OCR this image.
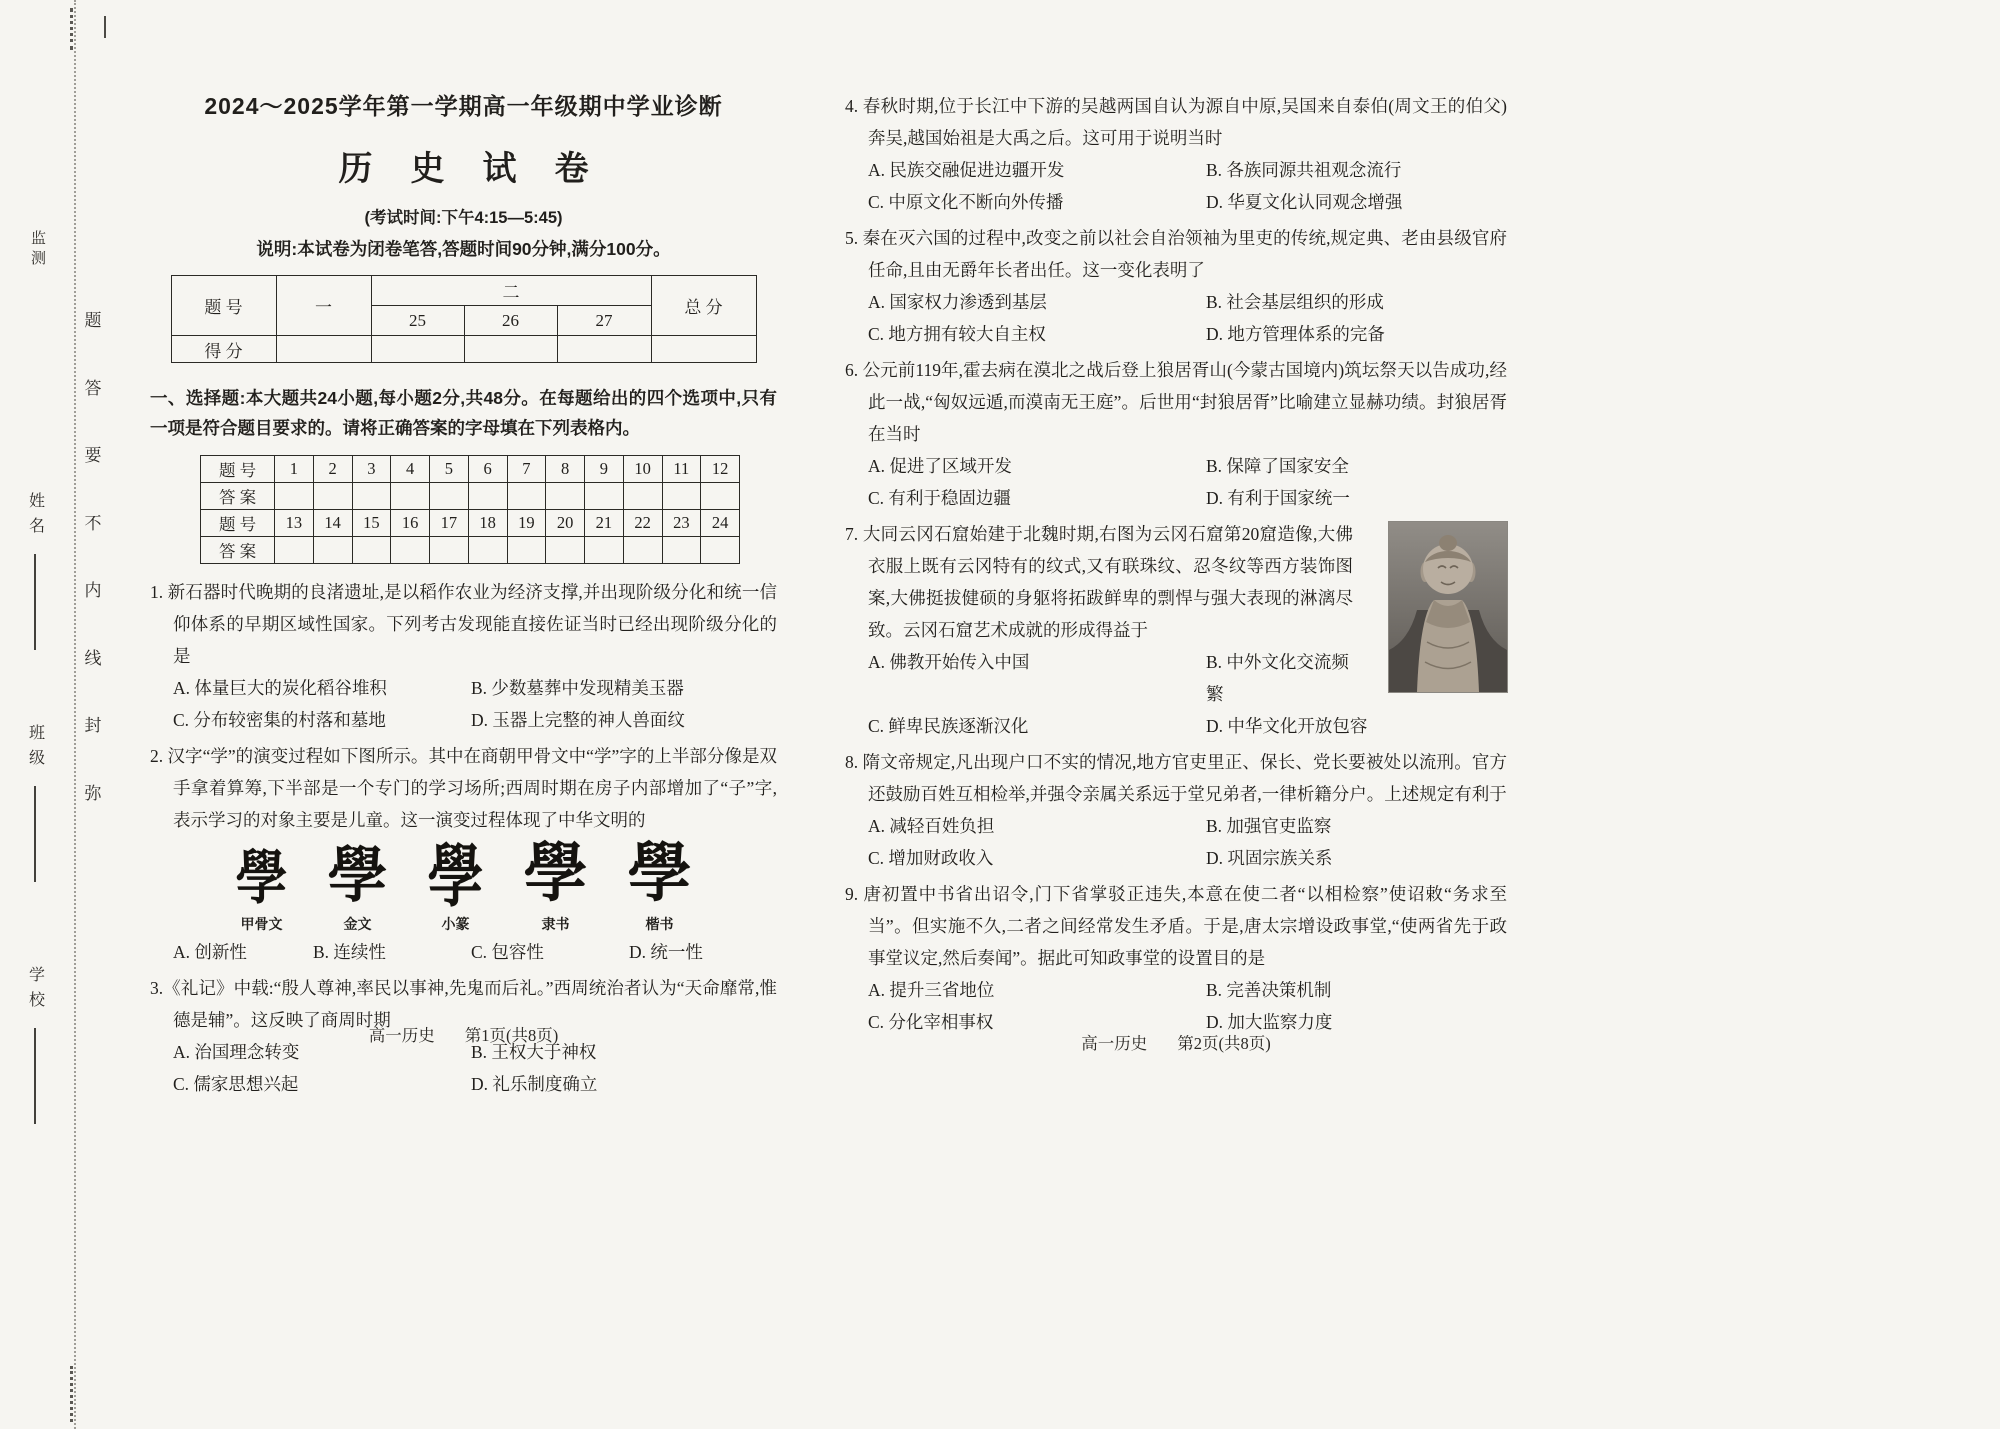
监测
题
答
要
不
内
线
封
弥
姓名
班级
学校
2024～2025学年第一学期高一年级期中学业诊断
历 史 试 卷
(考试时间:下午4:15—5:45)
说明:本试卷为闭卷笔答,答题时间90分钟,满分100分。
题 号	一	二			总 分
		25	26	27	
得 分					
一、选择题:本大题共24小题,每小题2分,共48分。在每题给出的四个选项中,只有一项是符合题目要求的。请将正确答案的字母填在下列表格内。
题 号	1	2	3	4	5	6	7	8	9	10	11	12
答 案												
题 号	13	14	15	16	17	18	19	20	21	22	23	24
答 案												
1. 新石器时代晚期的良渚遗址,是以稻作农业为经济支撑,并出现阶级分化和统一信仰体系的早期区域性国家。下列考古发现能直接佐证当时已经出现阶级分化的是
A. 体量巨大的炭化稻谷堆积	B. 少数墓葬中发现精美玉器
C. 分布较密集的村落和墓地	D. 玉器上完整的神人兽面纹
2. 汉字“学”的演变过程如下图所示。其中在商朝甲骨文中“学”字的上半部分像是双手拿着算筹,下半部是一个专门的学习场所;西周时期在房子内部增加了“子”字,表示学习的对象主要是儿童。这一演变过程体现了中华文明的
學
甲骨文
學
金文
學
小篆
學
隶书
學
楷书
A. 创新性	B. 连续性	C. 包容性	D. 统一性
3.《礼记》中载:“殷人尊神,率民以事神,先鬼而后礼。”西周统治者认为“天命靡常,惟德是辅”。这反映了商周时期
A. 治国理念转变	B. 王权大于神权
C. 儒家思想兴起	D. 礼乐制度确立
高一历史 第1页(共8页)
4. 春秋时期,位于长江中下游的吴越两国自认为源自中原,吴国来自泰伯(周文王的伯父)奔吴,越国始祖是大禹之后。这可用于说明当时
A. 民族交融促进边疆开发	B. 各族同源共祖观念流行
C. 中原文化不断向外传播	D. 华夏文化认同观念增强
5. 秦在灭六国的过程中,改变之前以社会自治领袖为里吏的传统,规定典、老由县级官府任命,且由无爵年长者出任。这一变化表明了
A. 国家权力渗透到基层	B. 社会基层组织的形成
C. 地方拥有较大自主权	D. 地方管理体系的完备
6. 公元前119年,霍去病在漠北之战后登上狼居胥山(今蒙古国境内)筑坛祭天以告成功,经此一战,“匈奴远遁,而漠南无王庭”。后世用“封狼居胥”比喻建立显赫功绩。封狼居胥在当时
A. 促进了区域开发	B. 保障了国家安全
C. 有利于稳固边疆	D. 有利于国家统一
7. 大同云冈石窟始建于北魏时期,右图为云冈石窟第20窟造像,大佛衣服上既有云冈特有的纹式,又有联珠纹、忍冬纹等西方装饰图案,大佛挺拔健硕的身躯将拓跋鲜卑的剽悍与强大表现的淋漓尽致。云冈石窟艺术成就的形成得益于
A. 佛教开始传入中国	B. 中外文化交流频繁
C. 鲜卑民族逐渐汉化	D. 中华文化开放包容
8. 隋文帝规定,凡出现户口不实的情况,地方官吏里正、保长、党长要被处以流刑。官方还鼓励百姓互相检举,并强令亲属关系远于堂兄弟者,一律析籍分户。上述规定有利于
A. 减轻百姓负担	B. 加强官吏监察
C. 增加财政收入	D. 巩固宗族关系
9. 唐初置中书省出诏令,门下省掌驳正违失,本意在使二者“以相检察”使诏敕“务求至当”。但实施不久,二者之间经常发生矛盾。于是,唐太宗增设政事堂,“使两省先于政事堂议定,然后奏闻”。据此可知政事堂的设置目的是
A. 提升三省地位	B. 完善决策机制
C. 分化宰相事权	D. 加大监察力度
高一历史 第2页(共8页)
